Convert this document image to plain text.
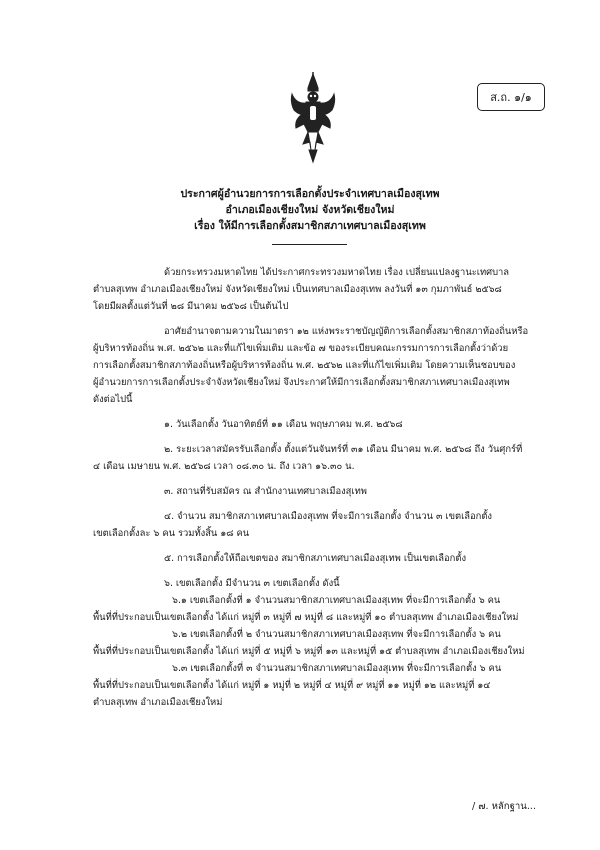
ส.ถ. ๑/๑
ประกาศผู้อำนวยการการเลือกตั้งประจำเทศบาลเมืองสุเทพ
อำเภอเมืองเชียงใหม่ จังหวัดเชียงใหม่
เรื่อง ให้มีการเลือกตั้งสมาชิกสภาเทศบาลเมืองสุเทพ
ด้วยกระทรวงมหาดไทย ได้ประกาศกระทรวงมหาดไทย เรื่อง เปลี่ยนแปลงฐานะเทศบาล
ตำบลสุเทพ อำเภอเมืองเชียงใหม่ จังหวัดเชียงใหม่ เป็นเทศบาลเมืองสุเทพ ลงวันที่ ๑๓ กุมภาพันธ์ ๒๕๖๘
โดยมีผลตั้งแต่วันที่ ๒๘ มีนาคม ๒๕๖๘ เป็นต้นไป
อาศัยอำนาจตามความในมาตรา ๑๒ แห่งพระราชบัญญัติการเลือกตั้งสมาชิกสภาท้องถิ่นหรือ
ผู้บริหารท้องถิ่น พ.ศ. ๒๕๖๒ และที่แก้ไขเพิ่มเติม และข้อ ๗ ของระเบียบคณะกรรมการการเลือกตั้งว่าด้วย
การเลือกตั้งสมาชิกสภาท้องถิ่นหรือผู้บริหารท้องถิ่น พ.ศ. ๒๕๖๒ และที่แก้ไขเพิ่มเติม โดยความเห็นชอบของ
ผู้อำนวยการการเลือกตั้งประจำจังหวัดเชียงใหม่ จึงประกาศให้มีการเลือกตั้งสมาชิกสภาเทศบาลเมืองสุเทพ
ดังต่อไปนี้
๑. วันเลือกตั้ง วันอาทิตย์ที่ ๑๑ เดือน พฤษภาคม พ.ศ. ๒๕๖๘
๒. ระยะเวลาสมัครรับเลือกตั้ง ตั้งแต่วันจันทร์ที่ ๓๑ เดือน มีนาคม พ.ศ. ๒๕๖๘ ถึง วันศุกร์ที่
๔ เดือน เมษายน พ.ศ. ๒๕๖๘ เวลา ๐๘.๓๐ น. ถึง เวลา ๑๖.๓๐ น.
๓. สถานที่รับสมัคร ณ สำนักงานเทศบาลเมืองสุเทพ
๔. จำนวน สมาชิกสภาเทศบาลเมืองสุเทพ ที่จะมีการเลือกตั้ง จำนวน ๓ เขตเลือกตั้ง
เขตเลือกตั้งละ ๖ คน รวมทั้งสิ้น ๑๘ คน
๕. การเลือกตั้งให้ถือเขตของ สมาชิกสภาเทศบาลเมืองสุเทพ เป็นเขตเลือกตั้ง
๖. เขตเลือกตั้ง มีจำนวน ๓ เขตเลือกตั้ง ดังนี้
๖.๑ เขตเลือกตั้งที่ ๑ จำนวนสมาชิกสภาเทศบาลเมืองสุเทพ ที่จะมีการเลือกตั้ง ๖ คน
พื้นที่ที่ประกอบเป็นเขตเลือกตั้ง ได้แก่ หมู่ที่ ๓ หมู่ที่ ๗ หมู่ที่ ๘ และหมู่ที่ ๑๐ ตำบลสุเทพ อำเภอเมืองเชียงใหม่
๖.๒ เขตเลือกตั้งที่ ๒ จำนวนสมาชิกสภาเทศบาลเมืองสุเทพ ที่จะมีการเลือกตั้ง ๖ คน
พื้นที่ที่ประกอบเป็นเขตเลือกตั้ง ได้แก่ หมู่ที่ ๕ หมู่ที่ ๖ หมู่ที่ ๑๓ และหมู่ที่ ๑๕ ตำบลสุเทพ อำเภอเมืองเชียงใหม่
๖.๓ เขตเลือกตั้งที่ ๓ จำนวนสมาชิกสภาเทศบาลเมืองสุเทพ ที่จะมีการเลือกตั้ง ๖ คน
พื้นที่ที่ประกอบเป็นเขตเลือกตั้ง ได้แก่ หมู่ที่ ๑ หมู่ที่ ๒ หมู่ที่ ๔ หมู่ที่ ๙ หมู่ที่ ๑๑ หมู่ที่ ๑๒ และหมู่ที่ ๑๔
ตำบลสุเทพ อำเภอเมืองเชียงใหม่
/ ๗. หลักฐาน...
